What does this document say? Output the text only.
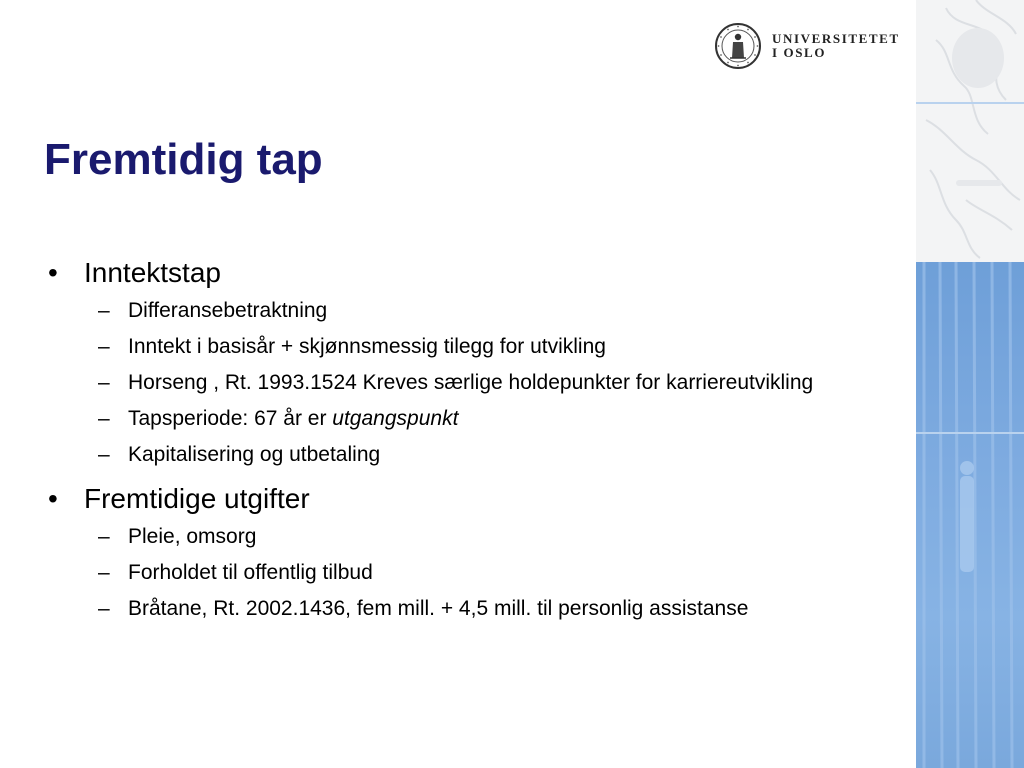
UNIVERSITETET
I OSLO
Fremtidig tap
• Inntektstap
– Differansebetraktning
– Inntekt i basisår + skjønnsmessig tilegg for utvikling
– Horseng , Rt. 1993.1524 Kreves særlige holdepunkter for karriereutvikling
– Tapsperiode: 67 år er utgangspunkt
– Kapitalisering og utbetaling
• Fremtidige utgifter
– Pleie, omsorg
– Forholdet til offentlig tilbud
– Bråtane, Rt. 2002.1436, fem mill. + 4,5 mill. til personlig assistanse
